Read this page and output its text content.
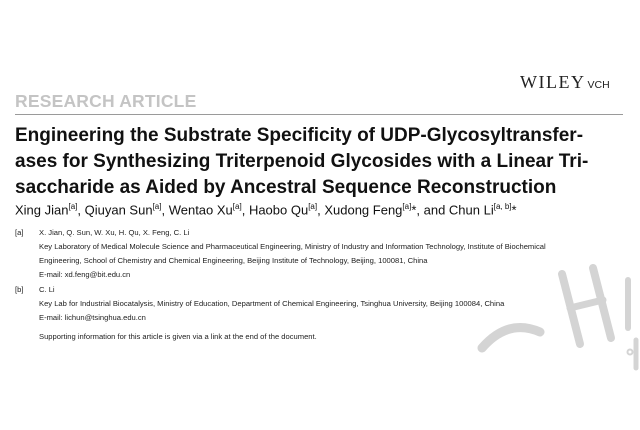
WILEY VCH
RESEARCH ARTICLE
Engineering the Substrate Specificity of UDP-Glycosyltransfer-
ases for Synthesizing Triterpenoid Glycosides with a Linear Tri-
saccharide as Aided by Ancestral Sequence Reconstruction
Xing Jian[a], Qiuyan Sun[a], Wentao Xu[a], Haobo Qu[a], Xudong Feng[a]*, and Chun Li[a, b]*
[a] X. Jian, Q. Sun, W. Xu, H. Qu, X. Feng, C. Li
Key Laboratory of Medical Molecule Science and Pharmaceutical Engineering, Ministry of Industry and Information Technology, Institute of Biochemical
Engineering, School of Chemistry and Chemical Engineering, Beijing Institute of Technology, Beijing, 100081, China
E-mail: xd.feng@bit.edu.cn
[b] C. Li
Key Lab for Industrial Biocatalysis, Ministry of Education, Department of Chemical Engineering, Tsinghua University, Beijing 100084, China
E-mail: lichun@tsinghua.edu.cn
Supporting information for this article is given via a link at the end of the document.
